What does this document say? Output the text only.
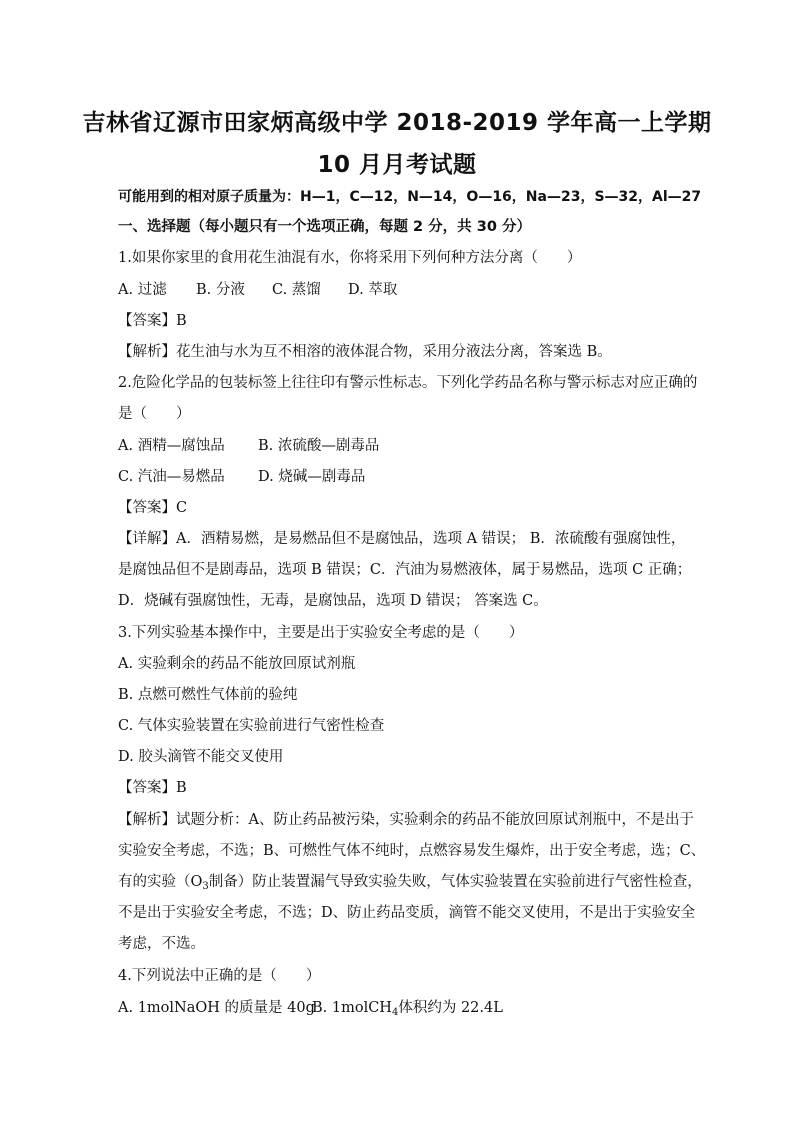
吉林省辽源市田家炳高级中学 2018-2019 学年高一上学期
10 月月考试题
可能用到的相对原子质量为：H—1，C—12，N—14，O—16，Na—23，S—32，Al—27
一、选择题（每小题只有一个选项正确，每题 2 分，共 30 分）
1.如果你家里的食用花生油混有水，你将采用下列何种方法分离（　　）
A. 过滤 B. 分液 C. 蒸馏 D. 萃取
【答案】B
【解析】花生油与水为互不相溶的液体混合物，采用分液法分离，答案选 B。
2.危险化学品的包装标签上往往印有警示性标志。下列化学药品名称与警示标志对应正确的
是（　　）
A. 酒精—腐蚀品 B. 浓硫酸—剧毒品
C. 汽油—易燃品 D. 烧碱—剧毒品
【答案】C
【详解】A．酒精易燃，是易燃品但不是腐蚀品，选项 A 错误； B．浓硫酸有强腐蚀性，
是腐蚀品但不是剧毒品，选项 B 错误；C．汽油为易燃液体，属于易燃品，选项 C 正确；
D．烧碱有强腐蚀性，无毒，是腐蚀品，选项 D 错误； 答案选 C。
3.下列实验基本操作中，主要是出于实验安全考虑的是（　　）
A. 实验剩余的药品不能放回原试剂瓶
B. 点燃可燃性气体前的验纯
C. 气体实验装置在实验前进行气密性检查
D. 胶头滴管不能交叉使用
【答案】B
【解析】试题分析：A、防止药品被污染，实验剩余的药品不能放回原试剂瓶中，不是出于
实验安全考虑，不选；B、可燃性气体不纯时，点燃容易发生爆炸，出于安全考虑，选；C、
有的实验（$O_3$制备）防止装置漏气导致实验失败，气体实验装置在实验前进行气密性检查，
不是出于实验安全考虑，不选；D、防止药品变质，滴管不能交叉使用，不是出于实验安全
考虑，不选。
4.下列说法中正确的是（　　）
A. 1molNaOH 的质量是 40gB. 1molCH$_4$体积约为 22.4L
